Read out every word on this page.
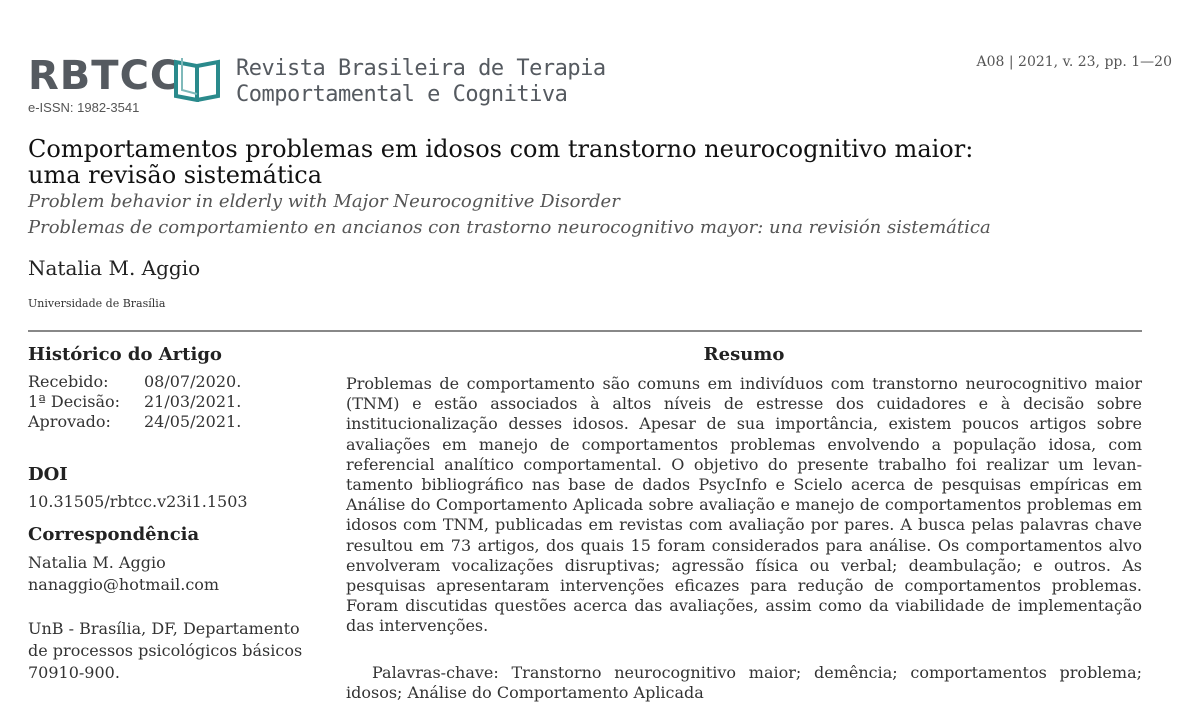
RBTCC
e-ISSN: 1982-3541
Revista Brasileira de Terapia
Comportamental e Cognitiva
A08 | 2021, v. 23, pp. 1—20
Comportamentos problemas em idosos com transtorno neurocognitivo maior:
uma revisão sistemática
Problem behavior in elderly with Major Neurocognitive Disorder
Problemas de comportamiento en ancianos con trastorno neurocognitivo mayor: una revisión sistemática
Natalia M. Aggio
Universidade de Brasília
Histórico do Artigo
Recebido:	08/07/2020.
1ª Decisão:	21/03/2021.
Aprovado:	24/05/2021.
DOI
10.31505/rbtcc.v23i1.1503
Correspondência
Natalia M. Aggio
nanaggio@hotmail.com
UnB - Brasília, DF, Departamento
de processos psicológicos básicos
70910-900.
Resumo

Problemas de comportamento são comuns em indivíduos com transtorno neurocognitivo maior (TNM) e estão associados à altos níveis de estresse dos cuidadores e à decisão sobre institucionalização desses idosos. Apesar de sua importância, existem poucos artigos sobre avaliações em manejo de comportamentos problemas envolvendo a população idosa, com referencial analítico comportamental. O objetivo do presente trabalho foi realizar um levantamento bibliográfico nas base de dados PsycInfo e Scielo acerca de pesquisas empíricas em Análise do Comportamento Aplicada sobre avaliação e manejo de comportamentos problemas em idosos com TNM, publicadas em revistas com avaliação por pares. A busca pelas palavras chave resultou em 73 artigos, dos quais 15 foram considerados para análise. Os comportamentos alvo envolveram vocalizações disruptivas; agressão física ou verbal; deambulação; e outros. As pesquisas apresentaram intervenções eficazes para redução de comportamentos problemas. Foram discutidas questões acerca das avaliações, assim como da viabilidade de implementação das intervenções.

Palavras-chave: Transtorno neurocognitivo maior; demência; comportamentos problema; idosos; Análise do Comportamento Aplicada
